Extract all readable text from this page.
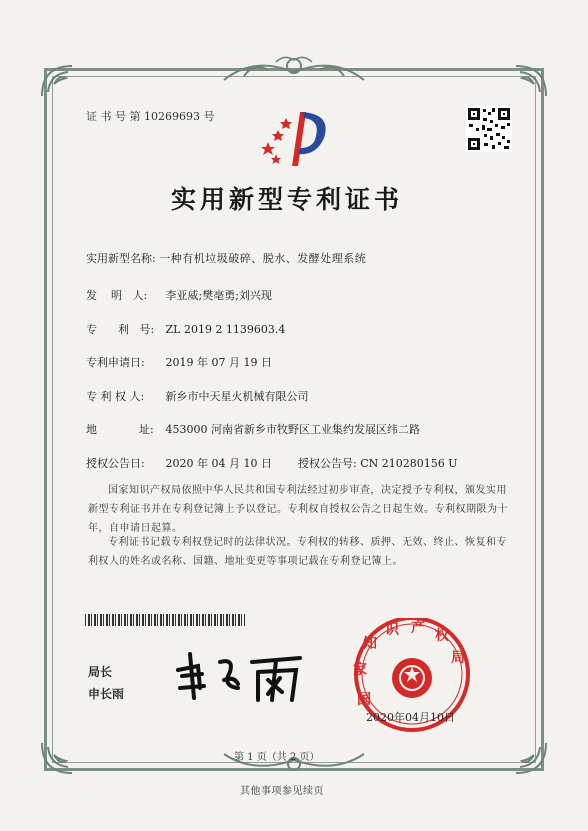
证 书 号 第 10269693 号
实用新型专利证书
实用新型名称: 一种有机垃圾破碎、脱水、发酵处理系统
发    明   人: 李亚威;樊亳勇;刘兴现
专      利   号: ZL 2019 2 1139603.4
专利申请日: 2019 年 07 月 19 日
专 利 权 人: 新乡市中天星火机械有限公司
地            址: 453000 河南省新乡市牧野区工业集约发展区纬二路
授权公告日: 2020 年 04 月 10 日 授权公告号: CN 210280156 U
国家知识产权局依照中华人民共和国专利法经过初步审查，决定授予专利权，颁发实用新型专利证书并在专利登记簿上予以登记。专利权自授权公告之日起生效。专利权期限为十年，自申请日起算。
专利证书记载专利权登记时的法律状况。专利权的转移、质押、无效、终止、恢复和专利权人的姓名或名称、国籍、地址变更等事项记载在专利登记簿上。
局长
申长雨	国
家
知
识 产 权
局
2020年04月10日
第 1 页（共 2 页）
其他事项参见续页
